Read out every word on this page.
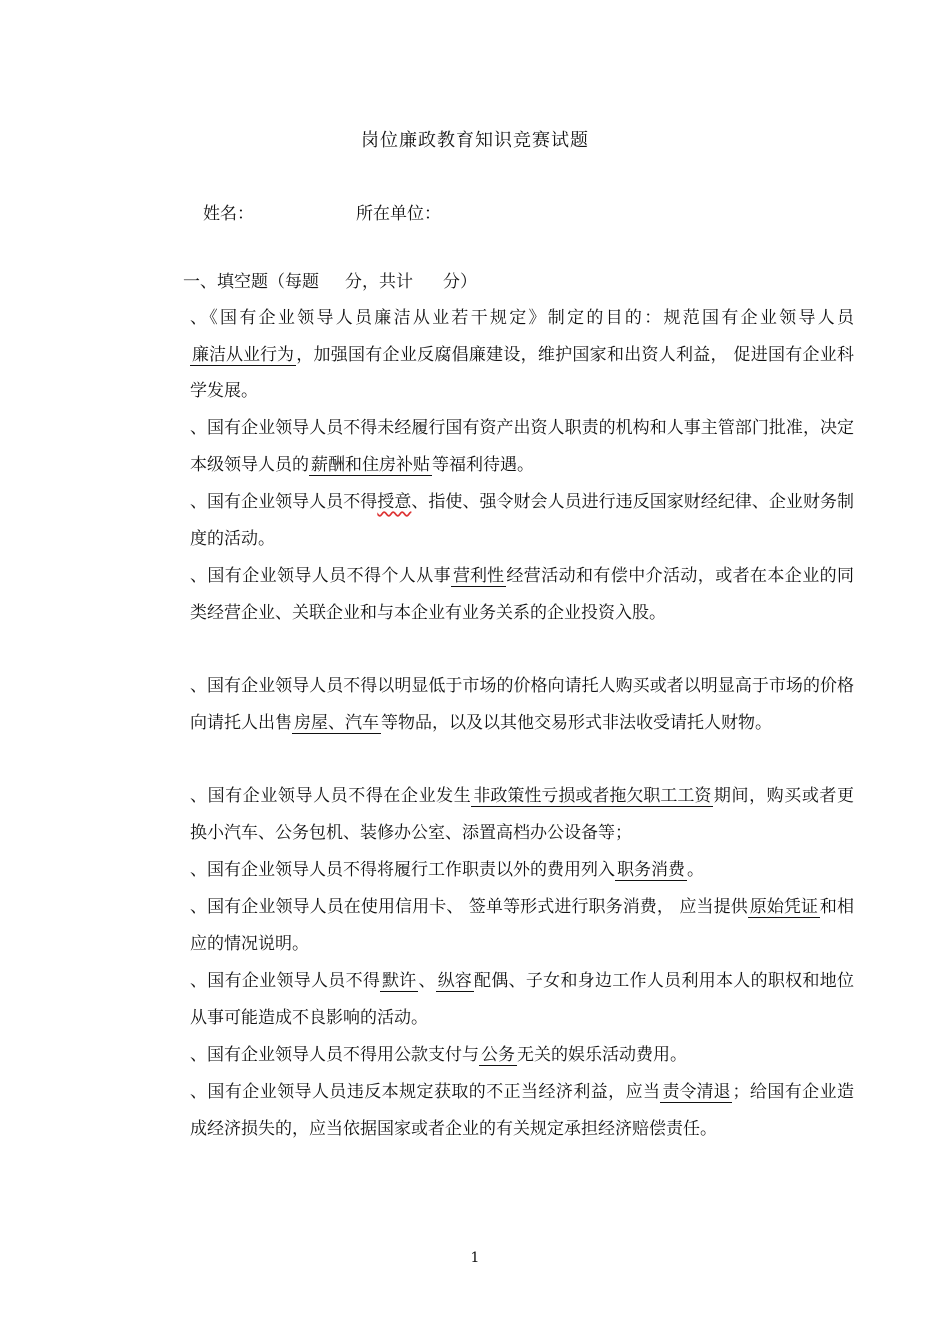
岗位廉政教育知识竞赛试题
姓名：	所在单位：
一、填空题（每题 分，共计 分）
、《国有企业领导人员廉洁从业若干规定》制定的目的：规范国有企业领导人员廉洁从业行为 ，加强国有企业反腐倡廉建设，维护国家和出资人利益， 促进国有企业科学发展。
、国有企业领导人员不得未经履行国有资产出资人职责的机构和人事主管部门批准，决定本级领导人员的 薪酬和住房补贴 等福利待遇。
、国有企业领导人员不得授意、指使、强令财会人员进行违反国家财经纪律、企业财务制度的活动。
、国有企业领导人员不得个人从事 营利性 经营活动和有偿中介活动，或者在本企业的同类经营企业、关联企业和与本企业有业务关系的企业投资入股。
、国有企业领导人员不得以明显低于市场的价格向请托人购买或者以明显高于市场的价格向请托人出售 房屋、汽车 等物品，以及以其他交易形式非法收受请托人财物。
、国有企业领导人员不得在企业发生 非政策性亏损或者拖欠职工工资 期间，购买或者更换小汽车、公务包机、装修办公室、添置高档办公设备等；
、国有企业领导人员不得将履行工作职责以外的费用列入 职务消费 。
、国有企业领导人员在使用信用卡、 签单等形式进行职务消费， 应当提供 原始凭证 和相应的情况说明。
、国有企业领导人员不得 默许 、 纵容 配偶、子女和身边工作人员利用本人的职权和地位从事可能造成不良影响的活动。
、国有企业领导人员不得用公款支付与 公务 无关的娱乐活动费用。
、国有企业领导人员违反本规定获取的不正当经济利益，应当 责令清退 ；给国有企业造成经济损失的，应当依据国家或者企业的有关规定承担经济赔偿责任。
1
